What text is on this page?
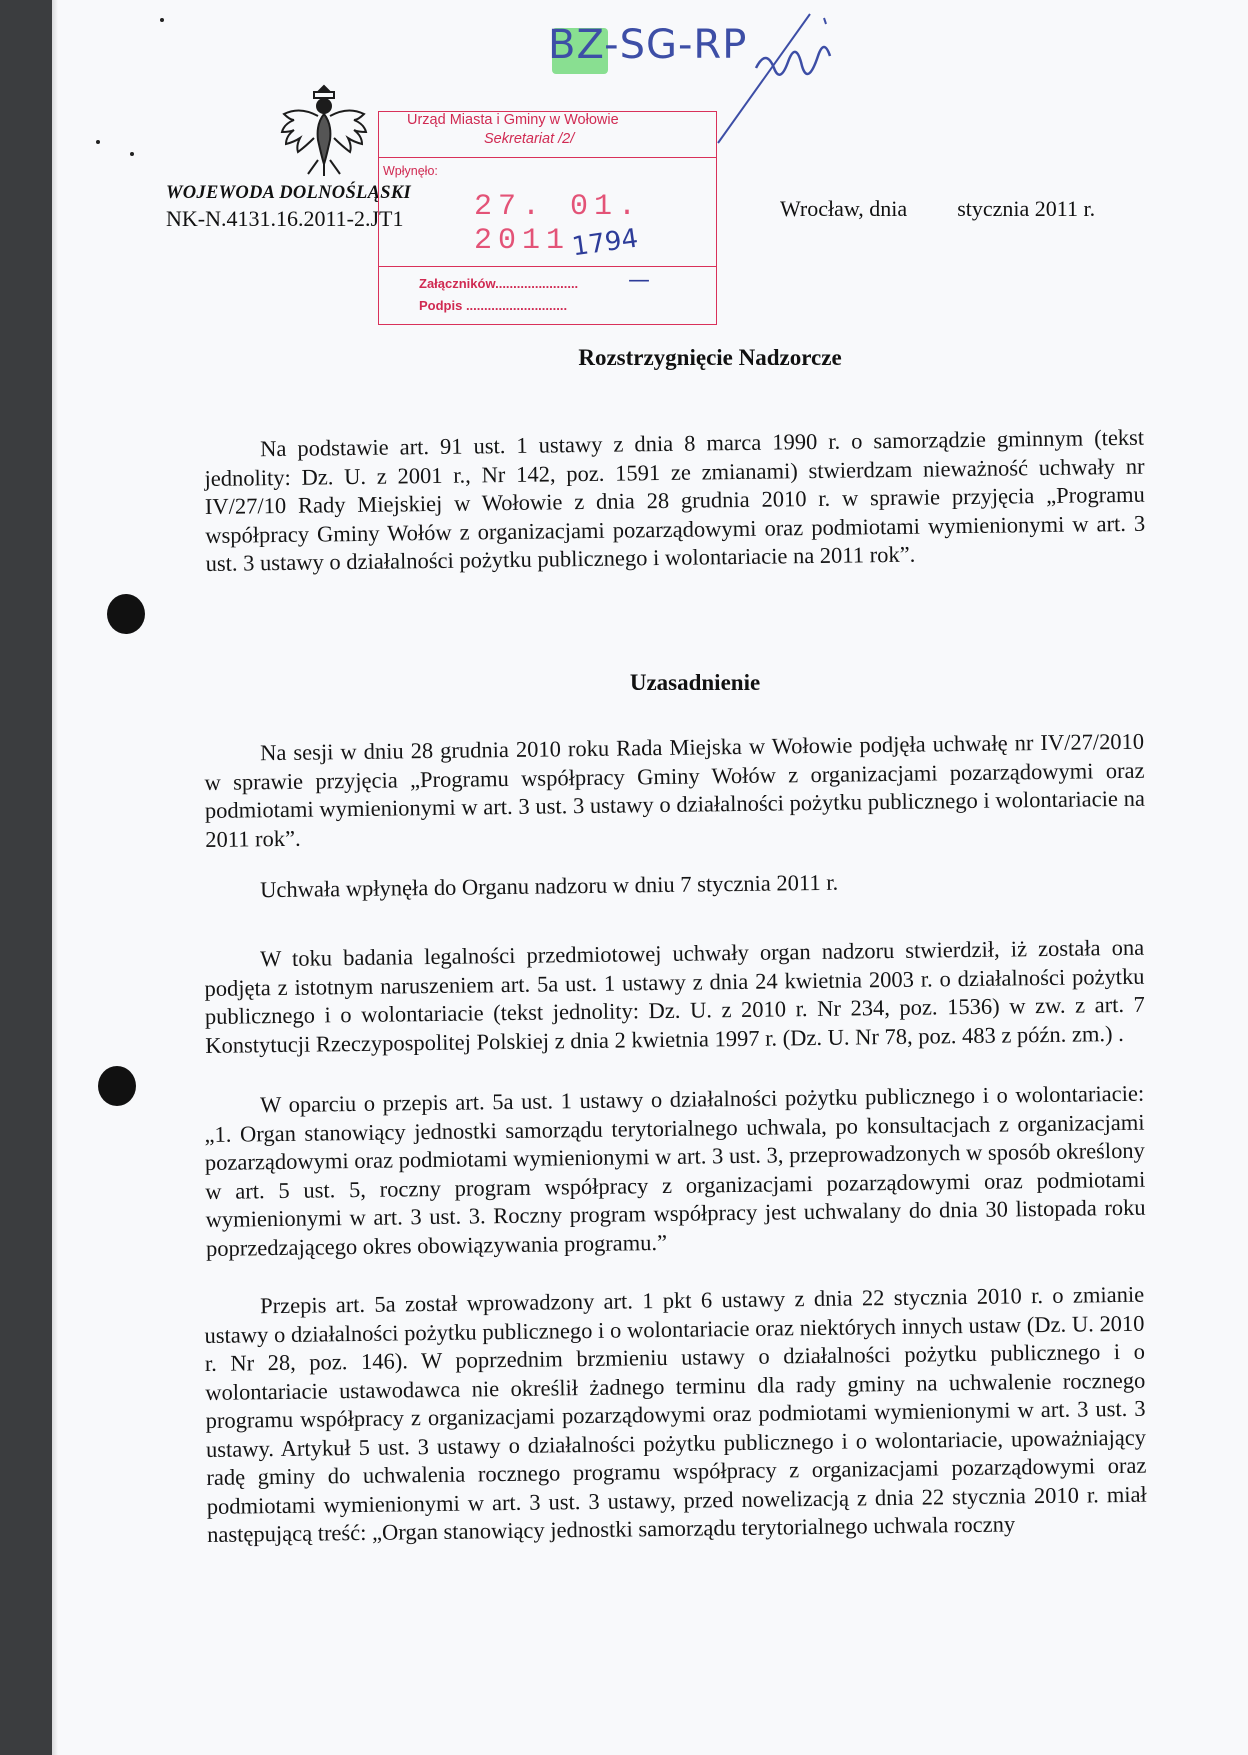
BZ-SG-RP
WOJEWODA DOLNOŚLĄSKI
NK-N.4131.16.2011-2.JT1	Wrocław, dnia stycznia 2011 r.
Urząd Miasta i Gminy w Wołowie
Sekretariat /2/
Wpłynęło:
27. 01. 2011
Załączników.......................
Podpis ............................
1794
—
Rozstrzygnięcie Nadzorcze
Na podstawie art. 91 ust. 1 ustawy z dnia 8 marca 1990 r. o samorządzie gminnym (tekst jednolity: Dz. U. z 2001 r., Nr 142, poz. 1591 ze zmianami) stwierdzam nieważność uchwały nr IV/27/10 Rady Miejskiej w Wołowie z dnia 28 grudnia 2010 r. w sprawie przyjęcia „Programu współpracy Gminy Wołów z organizacjami pozarządowymi oraz podmiotami wymienionymi w art. 3 ust. 3 ustawy o działalności pożytku publicznego i wolontariacie na 2011 rok”.
Uzasadnienie
Na sesji w dniu 28 grudnia 2010 roku Rada Miejska w Wołowie podjęła uchwałę nr IV/27/2010 w sprawie przyjęcia „Programu współpracy Gminy Wołów z organizacjami pozarządowymi oraz podmiotami wymienionymi w art. 3 ust. 3 ustawy o działalności pożytku publicznego i wolontariacie na 2011 rok”.
Uchwała wpłynęła do Organu nadzoru w dniu 7 stycznia 2011 r.
W toku badania legalności przedmiotowej uchwały organ nadzoru stwierdził, iż została ona podjęta z istotnym naruszeniem art. 5a ust. 1 ustawy z dnia 24 kwietnia 2003 r. o działalności pożytku publicznego i o wolontariacie (tekst jednolity: Dz. U. z 2010 r. Nr 234, poz. 1536) w zw. z art. 7 Konstytucji Rzeczypospolitej Polskiej z dnia 2 kwietnia 1997 r. (Dz. U. Nr 78, poz. 483 z późn. zm.) .
W oparciu o przepis art. 5a ust. 1 ustawy o działalności pożytku publicznego i o wolontariacie: „1. Organ stanowiący jednostki samorządu terytorialnego uchwala, po konsultacjach z organizacjami pozarządowymi oraz podmiotami wymienionymi w art. 3 ust. 3, przeprowadzonych w sposób określony w art. 5 ust. 5, roczny program współpracy z organizacjami pozarządowymi oraz podmiotami wymienionymi w art. 3 ust. 3. Roczny program współpracy jest uchwalany do dnia 30 listopada roku poprzedzającego okres obowiązywania programu.”
Przepis art. 5a został wprowadzony art. 1 pkt 6 ustawy z dnia 22 stycznia 2010 r. o zmianie ustawy o działalności pożytku publicznego i o wolontariacie oraz niektórych innych ustaw (Dz. U. 2010 r. Nr 28, poz. 146). W poprzednim brzmieniu ustawy o działalności pożytku publicznego i o wolontariacie ustawodawca nie określił żadnego terminu dla rady gminy na uchwalenie rocznego programu współpracy z organizacjami pozarządowymi oraz podmiotami wymienionymi w art. 3 ust. 3 ustawy. Artykuł 5 ust. 3 ustawy o działalności pożytku publicznego i o wolontariacie, upoważniający radę gminy do uchwalenia rocznego programu współpracy z organizacjami pozarządowymi oraz podmiotami wymienionymi w art. 3 ust. 3 ustawy, przed nowelizacją z dnia 22 stycznia 2010 r. miał następującą treść: „Organ stanowiący jednostki samorządu terytorialnego uchwala roczny
